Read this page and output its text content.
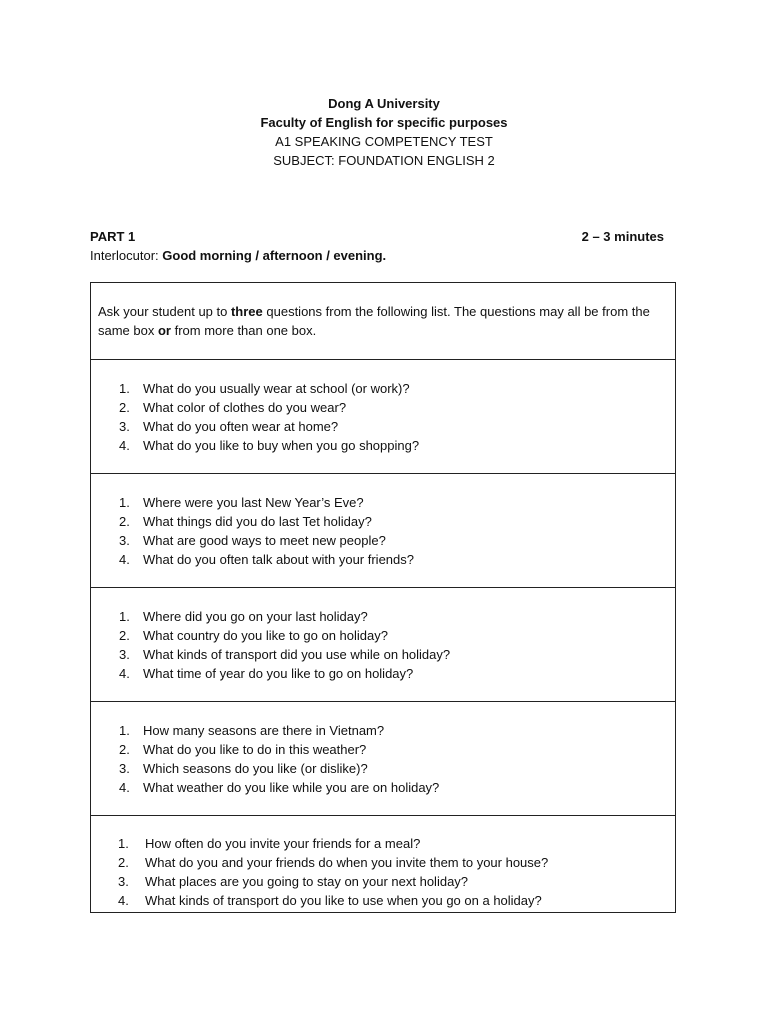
Dong A University
Faculty of English for specific purposes
A1 SPEAKING COMPETENCY TEST
SUBJECT: FOUNDATION ENGLISH 2
PART 1	2 – 3 minutes
Interlocutor: Good morning / afternoon / evening.
Ask your student up to three questions from the following list. The questions may all be from the same box or from more than one box.
1. What do you usually wear at school (or work)?
2. What color of clothes do you wear?
3. What do you often wear at home?
4. What do you like to buy when you go shopping?
1. Where were you last New Year’s Eve?
2. What things did you do last Tet holiday?
3. What are good ways to meet new people?
4. What do you often talk about with your friends?
1. Where did you go on your last holiday?
2. What country do you like to go on holiday?
3. What kinds of transport did you use while on holiday?
4. What time of year do you like to go on holiday?
1. How many seasons are there in Vietnam?
2. What do you like to do in this weather?
3. Which seasons do you like (or dislike)?
4. What weather do you like while you are on holiday?
1. How often do you invite your friends for a meal?
2. What do you and your friends do when you invite them to your house?
3. What places are you going to stay on your next holiday?
4. What kinds of transport do you like to use when you go on a holiday?
